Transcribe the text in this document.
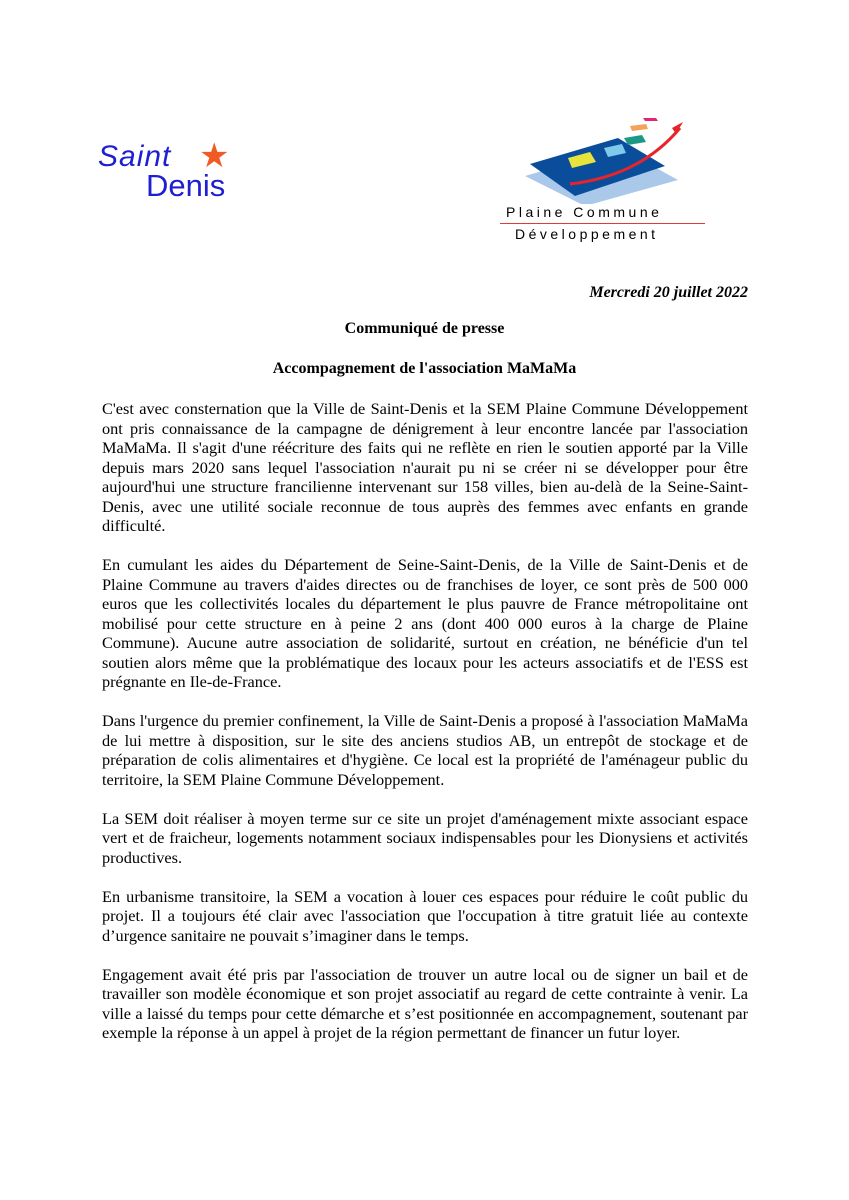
Saint ★
Denis
Plaine Commune
Développement
Mercredi 20 juillet 2022
Communiqué de presse
Accompagnement de l'association MaMaMa

C'est avec consternation que la Ville de Saint-Denis et la SEM Plaine Commune Développement ont pris connaissance de la campagne de dénigrement à leur encontre lancée par l'association MaMaMa. Il s'agit d'une réécriture des faits qui ne reflète en rien le soutien apporté par la Ville depuis mars 2020 sans lequel l'association n'aurait pu ni se créer ni se développer pour être aujourd'hui une structure francilienne intervenant sur 158 villes, bien au-delà de la Seine-Saint-Denis, avec une utilité sociale reconnue de tous auprès des femmes avec enfants en grande difficulté.

En cumulant les aides du Département de Seine-Saint-Denis, de la Ville de Saint-Denis et de Plaine Commune au travers d'aides directes ou de franchises de loyer, ce sont près de 500 000 euros que les collectivités locales du département le plus pauvre de France métropolitaine ont mobilisé pour cette structure en à peine 2 ans (dont 400 000 euros à la charge de Plaine Commune). Aucune autre association de solidarité, surtout en création, ne bénéficie d'un tel soutien alors même que la problématique des locaux pour les acteurs associatifs et de l'ESS est prégnante en Ile-de-France.

Dans l'urgence du premier confinement, la Ville de Saint-Denis a proposé à l'association MaMaMa de lui mettre à disposition, sur le site des anciens studios AB, un entrepôt de stockage et de préparation de colis alimentaires et d'hygiène. Ce local est la propriété de l'aménageur public du territoire, la SEM Plaine Commune Développement.

La SEM doit réaliser à moyen terme sur ce site un projet d'aménagement mixte associant espace vert et de fraicheur, logements notamment sociaux indispensables pour les Dionysiens et activités productives.

En urbanisme transitoire, la SEM a vocation à louer ces espaces pour réduire le coût public du projet. Il a toujours été clair avec l'association que l'occupation à titre gratuit liée au contexte d’urgence sanitaire ne pouvait s’imaginer dans le temps.

Engagement avait été pris par l'association de trouver un autre local ou de signer un bail et de travailler son modèle économique et son projet associatif au regard de cette contrainte à venir. La ville a laissé du temps pour cette démarche et s’est positionnée en accompagnement, soutenant par exemple la réponse à un appel à projet de la région permettant de financer un futur loyer.
